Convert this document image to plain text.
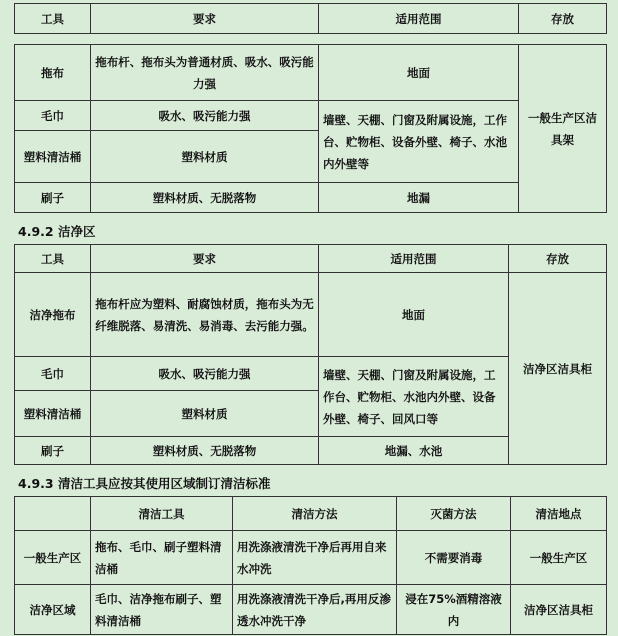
工具	要求	适用范围	存放
拖布	拖布杆、拖布头为普通材质、吸水、吸污能力强	地面	一般生产区洁具架
毛巾	吸水、吸污能力强	墙壁、天棚、门窗及附属设施，工作台、贮物柜、设备外壁、椅子、水池内外壁等	
塑料清洁桶	塑料材质		
刷子	塑料材质、无脱落物	地漏	
4.9.2 洁净区
工具	要求	适用范围	存放
洁净拖布	拖布杆应为塑料、耐腐蚀材质，拖布头为无纤维脱落、易清洗、易消毒、去污能力强。	地面	洁净区洁具柜
毛巾	吸水、吸污能力强	墙壁、天棚、门窗及附属设施，工作台、贮物柜、水池内外壁、设备外壁、椅子、回风口等	
塑料清洁桶	塑料材质		
刷子	塑料材质、无脱落物	地漏、水池	
4.9.3 清洁工具应按其使用区域制订清洁标准
	清洁工具	清洁方法	灭菌方法	清洁地点
一般生产区	拖布、毛巾、刷子塑料清洁桶	用洗涤液清洗干净后再用自来水冲洗	不需要消毒	一般生产区
洁净区域	毛巾、洁净拖布刷子、塑料清洁桶	用洗涤液清洗干净后,再用反渗透水冲洗干净	浸在75%酒精溶液内	洁净区洁具柜
